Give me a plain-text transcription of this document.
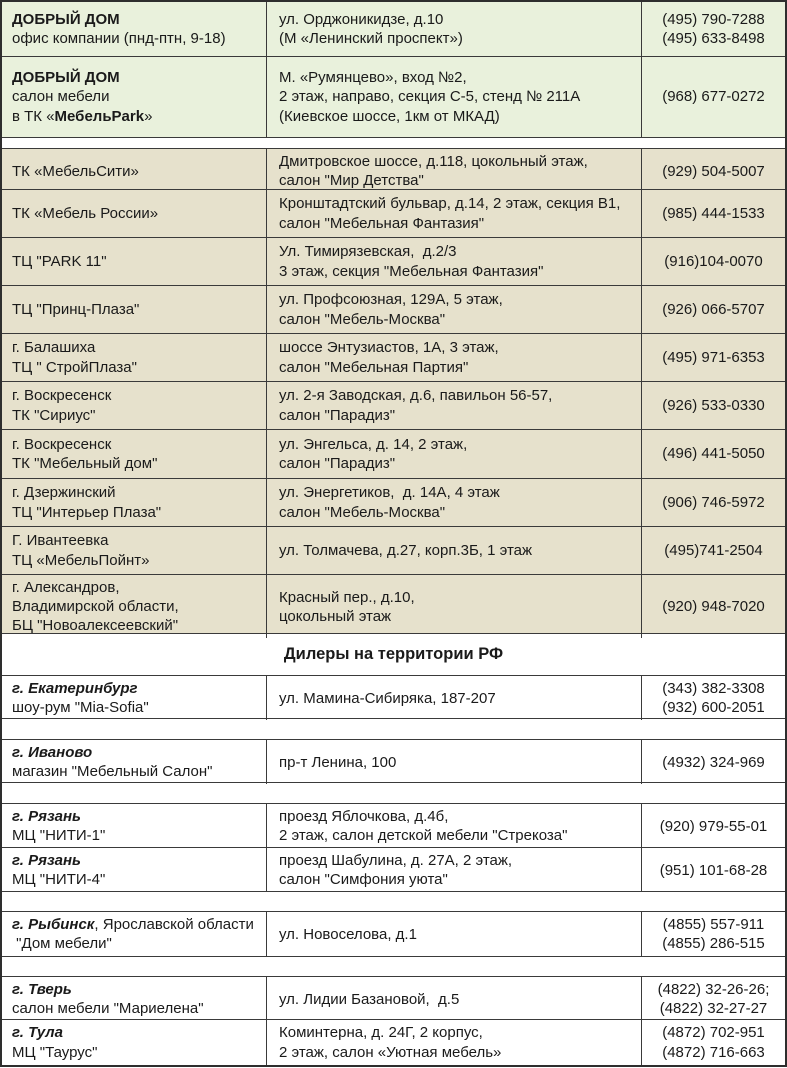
ДОБРЫЙ ДОМ
офис компании (пнд-птн, 9-18)
ул. Орджоникидзе, д.10
(М «Ленинский проспект»)
(495) 790-7288
(495) 633-8498
ДОБРЫЙ ДОМ
салон мебели
в ТК «МебельPark»
М. «Румянцево», вход №2,
2 этаж, направо, секция С-5, стенд № 211А
(Киевское шоссе, 1км от МКАД)
(968) 677-0272
ТК «МебельСити»
Дмитровское шоссе, д.118, цокольный этаж,
салон "Мир Детства"
(929) 504-5007
ТК «Мебель России»
Кронштадтский бульвар, д.14, 2 этаж, секция В1,
салон "Мебельная Фантазия"
(985) 444-1533
ТЦ "PARK 11"
Ул. Тимирязевская,  д.2/3
3 этаж, секция "Мебельная Фантазия"
(916)104-0070
ТЦ "Принц-Плаза"
ул. Профсоюзная, 129А, 5 этаж,
салон "Мебель-Москва"
(926) 066-5707
г. Балашиха
ТЦ " СтройПлаза"
шоссе Энтузиастов, 1А, 3 этаж,
салон "Мебельная Партия"
(495) 971-6353
г. Воскресенск
ТК "Сириус"
ул. 2-я Заводская, д.6, павильон 56-57,
салон "Парадиз"
(926) 533-0330
г. Воскресенск
ТК "Мебельный дом"
ул. Энгельса, д. 14, 2 этаж,
салон "Парадиз"
(496) 441-5050
г. Дзержинский
ТЦ "Интерьер Плаза"
ул. Энергетиков,  д. 14А, 4 этаж
салон "Мебель-Москва"
(906) 746-5972
Г. Ивантеевка
ТЦ «МебельПойнт»
ул. Толмачева, д.27, корп.3Б, 1 этаж	(495)741-2504
г. Александров,
Владимирской области,
БЦ "Новоалексеевский"
Красный пер., д.10,
цокольный этаж
(920) 948-7020
Дилеры на территории РФ
г. Екатеринбург
шоу-рум "Mia-Sofia"
ул. Мамина-Сибиряка, 187-207
(343) 382-3308
(932) 600-2051
г. Иваново
магазин "Мебельный Салон"
пр-т Ленина, 100	(4932) 324-969
г. Рязань
МЦ "НИТИ-1"
проезд Яблочкова, д.4б,
2 этаж, салон детской мебели "Стрекоза"
(920) 979-55-01
г. Рязань
МЦ "НИТИ-4"
проезд Шабулина, д. 27А, 2 этаж,
салон "Симфония уюта"
(951) 101-68-28
г. Рыбинск, Ярославской области
"Дом мебели"
ул. Новоселова, д.1
(4855) 557-911
(4855) 286-515
г. Тверь
салон мебели "Мариелена"
ул. Лидии Базановой,  д.5
(4822) 32-26-26;
(4822) 32-27-27
г. Тула
МЦ "Таурус"
Коминтерна, д. 24Г, 2 корпус,
2 этаж, салон «Уютная мебель»
(4872) 702-951
(4872) 716-663
